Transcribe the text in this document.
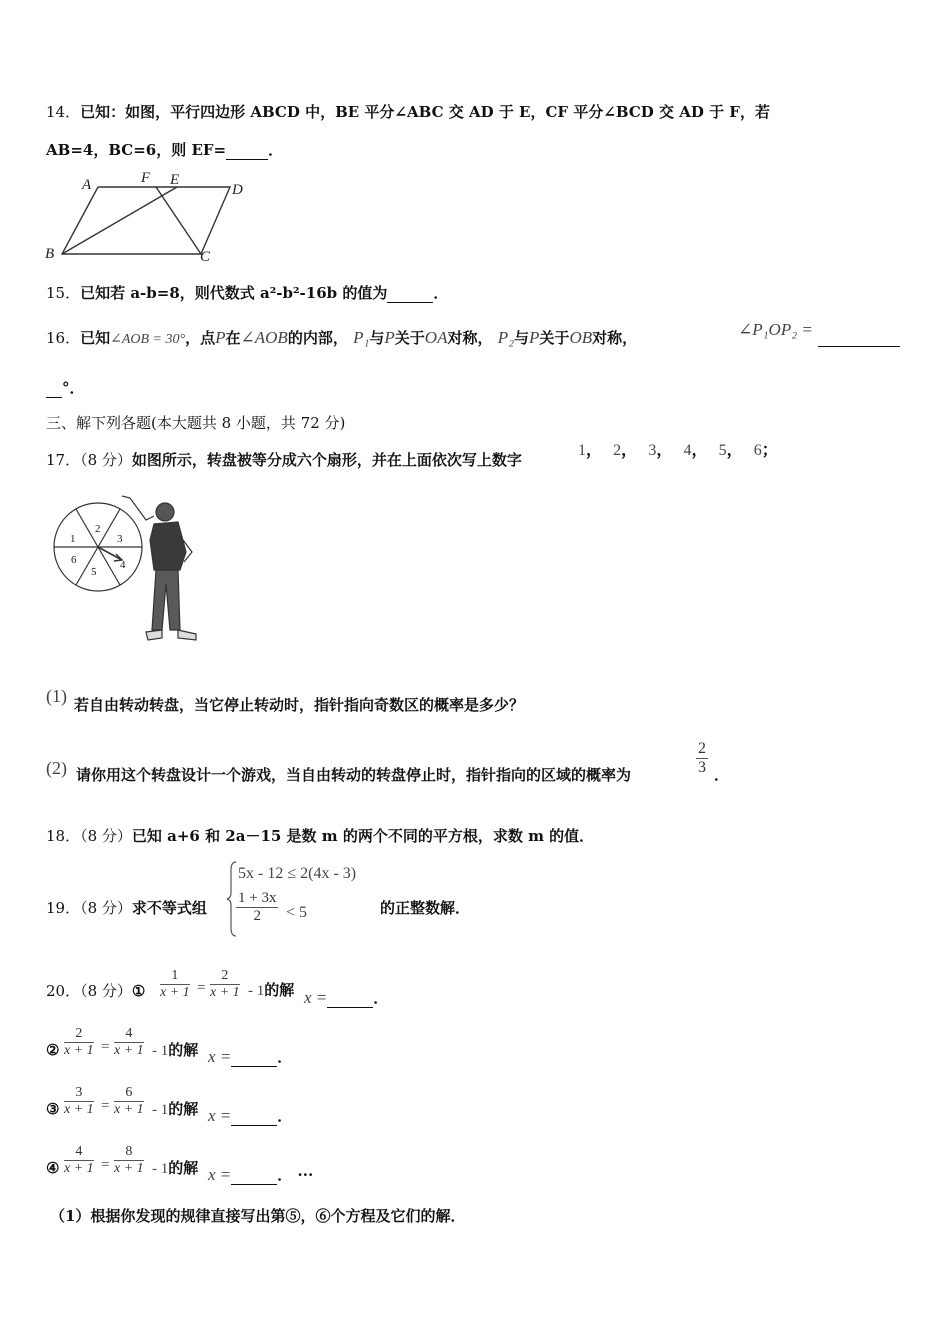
14．已知：如图，平行四边形 ABCD 中，BE 平分∠ABC 交 AD 于 E，CF 平分∠BCD 交 AD 于 F，若
AB=4，BC=6，则 EF=	．
A	F E
D
B	C
15．已知若 a-b=8，则代数式 a²-b²-16b 的值为	．
16．已知∠AOB = 30°，点P在∠AOB的内部， P₁与P关于OA对称， P₂与P关于OB对称，	∠P₁OP₂ =
°．
三、解下列各题(本大题共 8 小题，共 72 分)
17．（8 分）如图所示，转盘被等分成六个扇形，并在上面依次写上数字
1， 2， 3， 4， 5， 6；
2
3
1
6
5
4
(1) 若自由转动转盘，当它停止转动时，指针指向奇数区的概率是多少？
(2) 请你用这个转盘设计一个游戏，当自由转动的转盘停止时，指针指向的区域的概率为	$\frac{2}{3}$ ．
18．（8 分）已知 a+6 和 2a－15 是数 m 的两个不同的平方根，求数 m 的值．
19．（8 分）求不等式组
5x - 12 ≤ 2(4x - 3)
$\frac{1 + 3x}{2} < 5$	的正整数解．
20．（8 分）① $\frac{1}{x + 1} = \frac{2}{x + 1} - 1$的解 x =	．
② $\frac{2}{x + 1} = \frac{4}{x + 1} - 1$的解 x =	．
③ $\frac{3}{x + 1} = \frac{6}{x + 1} - 1$的解 x =	．
④ $\frac{4}{x + 1} = \frac{8}{x + 1} - 1$的解 x =	． ···
（1）根据你发现的规律直接写出第⑤，⑥个方程及它们的解．
